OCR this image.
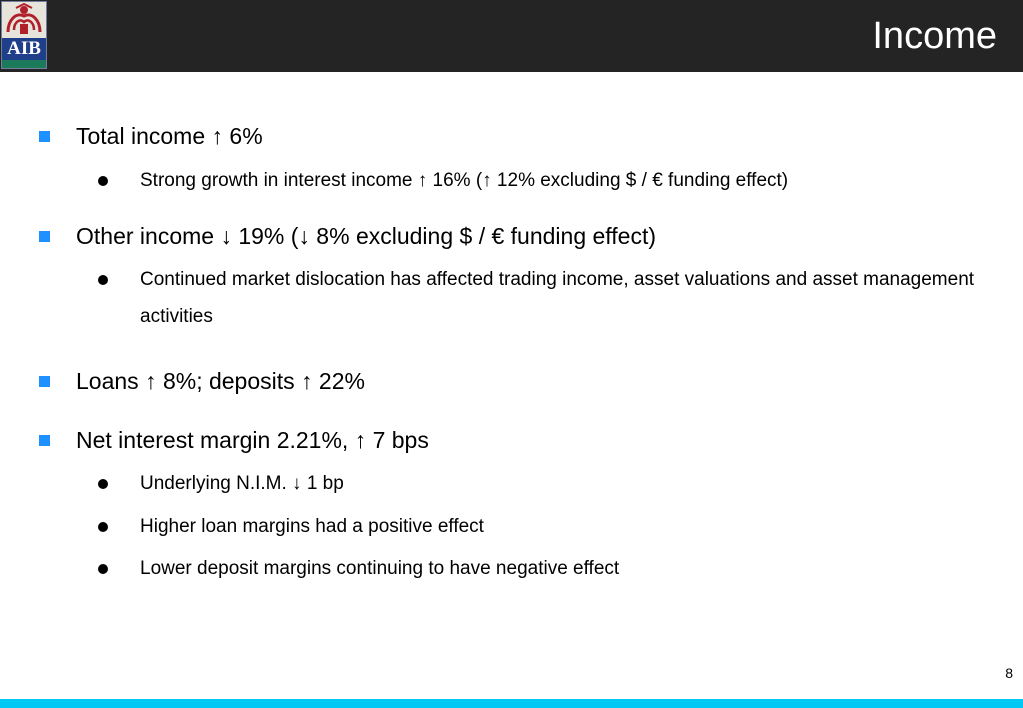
AIB	Income
Total income ↑ 6%
Strong growth in interest income ↑ 16% (↑ 12% excluding $ / € funding effect)
Other income ↓ 19% (↓ 8% excluding $ / € funding effect)
Continued market dislocation has affected trading income, asset valuations and asset management activities
Loans ↑ 8%; deposits ↑ 22%
Net interest margin 2.21%, ↑ 7 bps
Underlying N.I.M. ↓ 1 bp
Higher loan margins had a positive effect
Lower deposit margins continuing to have negative effect
8
